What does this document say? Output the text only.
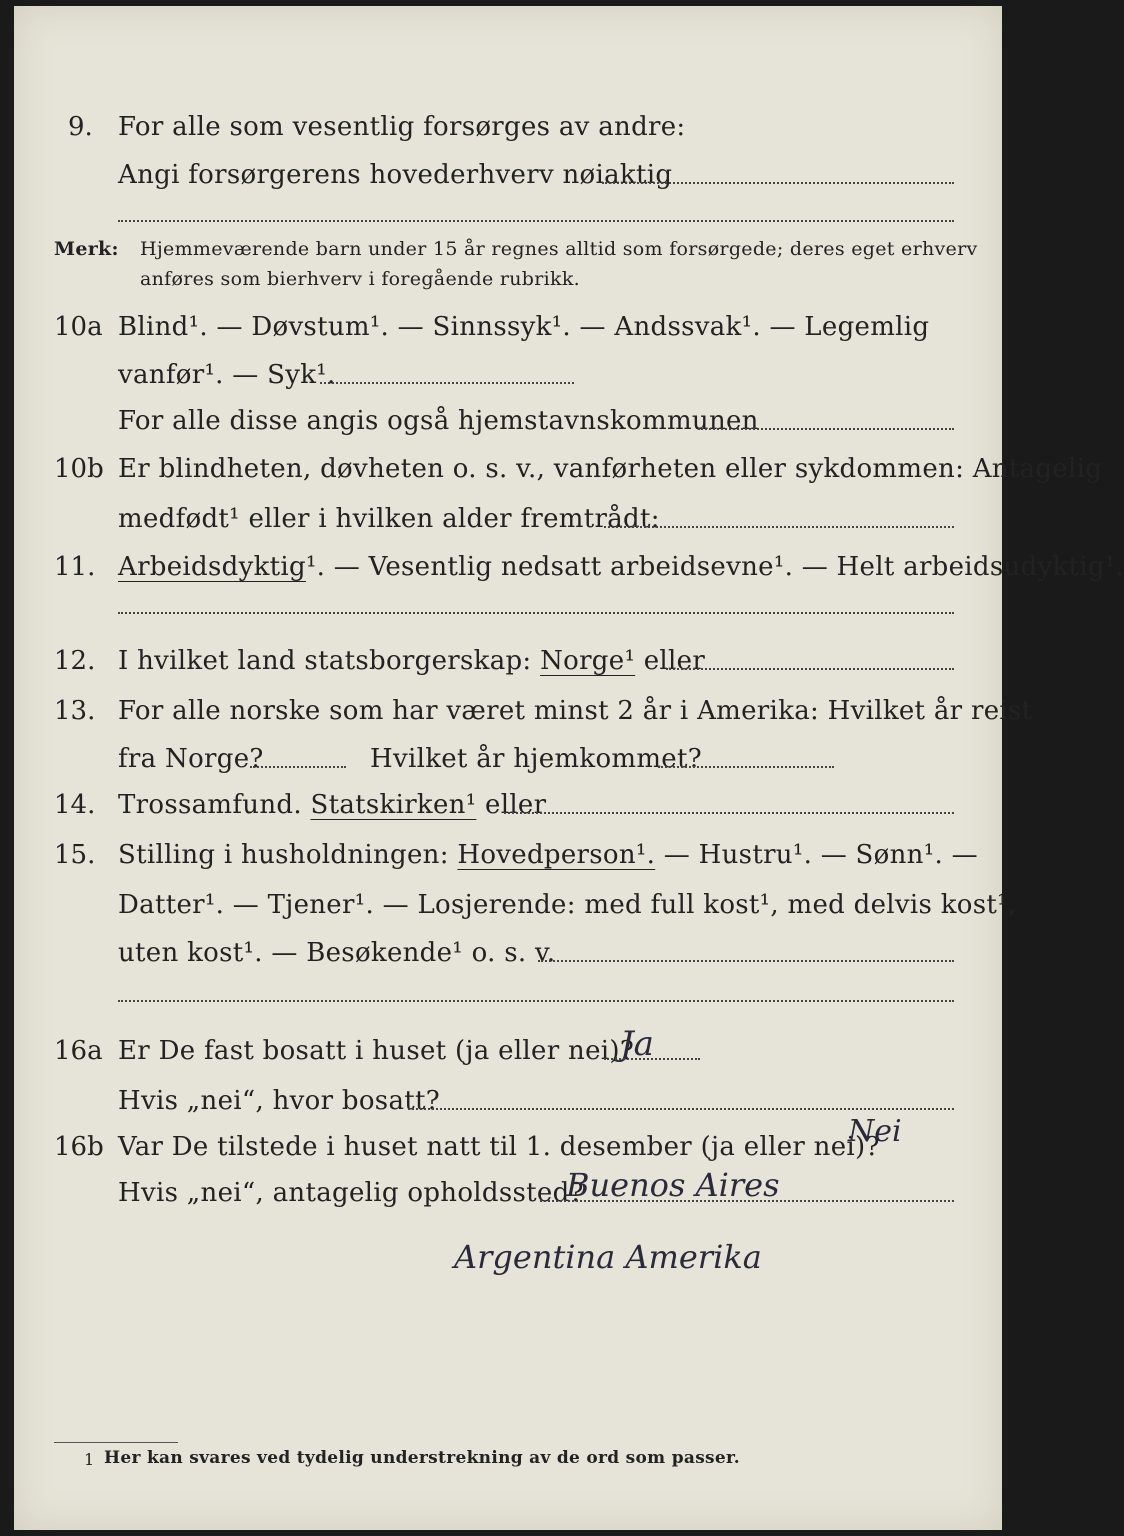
9. For alle som vesentlig forsørges av andre:
Angi forsørgerens hovederhverv nøiaktig
Merk: Hjemmeværende barn under 15 år regnes alltid som forsørgede; deres eget erhverv
anføres som bierhverv i foregående rubrikk.
10a Blind¹. — Døvstum¹. — Sinnssyk¹. — Andssvak¹. — Legemlig
vanfør¹. — Syk¹.
For alle disse angis også hjemstavnskommunen
10b Er blindheten, døvheten o. s. v., vanførheten eller sykdommen: Antagelig
medfødt¹ eller i hvilken alder fremtrådt:
11. Arbeidsdyktig¹. — Vesentlig nedsatt arbeidsevne¹. — Helt arbeidsudyktig¹.
12. I hvilket land statsborgerskap: Norge¹ eller
13. For alle norske som har været minst 2 år i Amerika: Hvilket år reist
fra Norge?	Hvilket år hjemkommet?
14. Trossamfund. Statskirken¹ eller
15. Stilling i husholdningen: Hovedperson¹. — Hustru¹. — Sønn¹. —
Datter¹. — Tjener¹. — Losjerende: med full kost¹, med delvis kost¹,
uten kost¹. — Besøkende¹ o. s. v.
16a Er De fast bosatt i huset (ja eller nei)?
Ja
Hvis „nei“, hvor bosatt?
16b Var De tilstede i huset natt til 1. desember (ja eller nei)?
Nei
Hvis „nei“, antagelig opholdssted?
Buenos Aires
Argentina Amerika
1 Her kan svares ved tydelig understrekning av de ord som passer.
